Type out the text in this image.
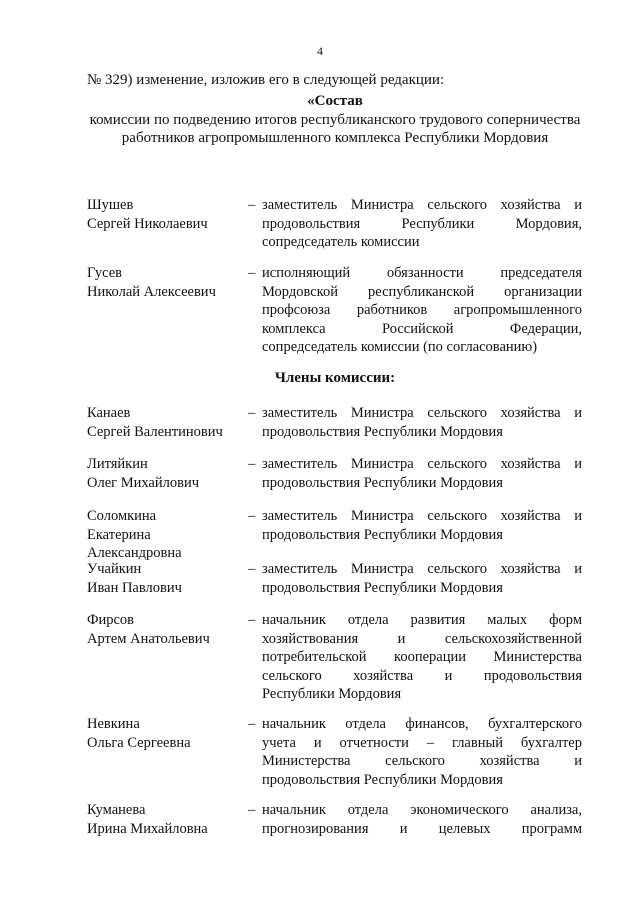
4
№ 329) изменение, изложив его в следующей редакции:
«Состав
комиссии по подведению итогов республиканского трудового соперничества
работников агропромышленного комплекса Республики Мордовия
Шушев
Сергей Николаевич
– заместитель Министра сельского хозяйства и
продовольствия Республики Мордовия,
сопредседатель комиссии
Гусев
Николай Алексеевич
– исполняющий обязанности председателя
Мордовской республиканской организации
профсоюза работников агропромышленного
комплекса Российской Федерации,
сопредседатель комиссии (по согласованию)
Члены комиссии:
Канаев
Сергей Валентинович
– заместитель Министра сельского хозяйства и
продовольствия Республики Мордовия
Литяйкин
Олег Михайлович
– заместитель Министра сельского хозяйства и
продовольствия Республики Мордовия
Соломкина
Екатерина
Александровна
– заместитель Министра сельского хозяйства и
продовольствия Республики Мордовия
Учайкин
Иван Павлович
– заместитель Министра сельского хозяйства и
продовольствия Республики Мордовия
Фирсов
Артем Анатольевич
– начальник отдела развития малых форм
хозяйствования и сельскохозяйственной
потребительской кооперации Министерства
сельского хозяйства и продовольствия
Республики Мордовия
Невкина
Ольга Сергеевна
– начальник отдела финансов, бухгалтерского
учета и отчетности – главный бухгалтер
Министерства сельского хозяйства и
продовольствия Республики Мордовия
Куманева
Ирина Михайловна
– начальник отдела экономического анализа,
прогнозирования и целевых программ
